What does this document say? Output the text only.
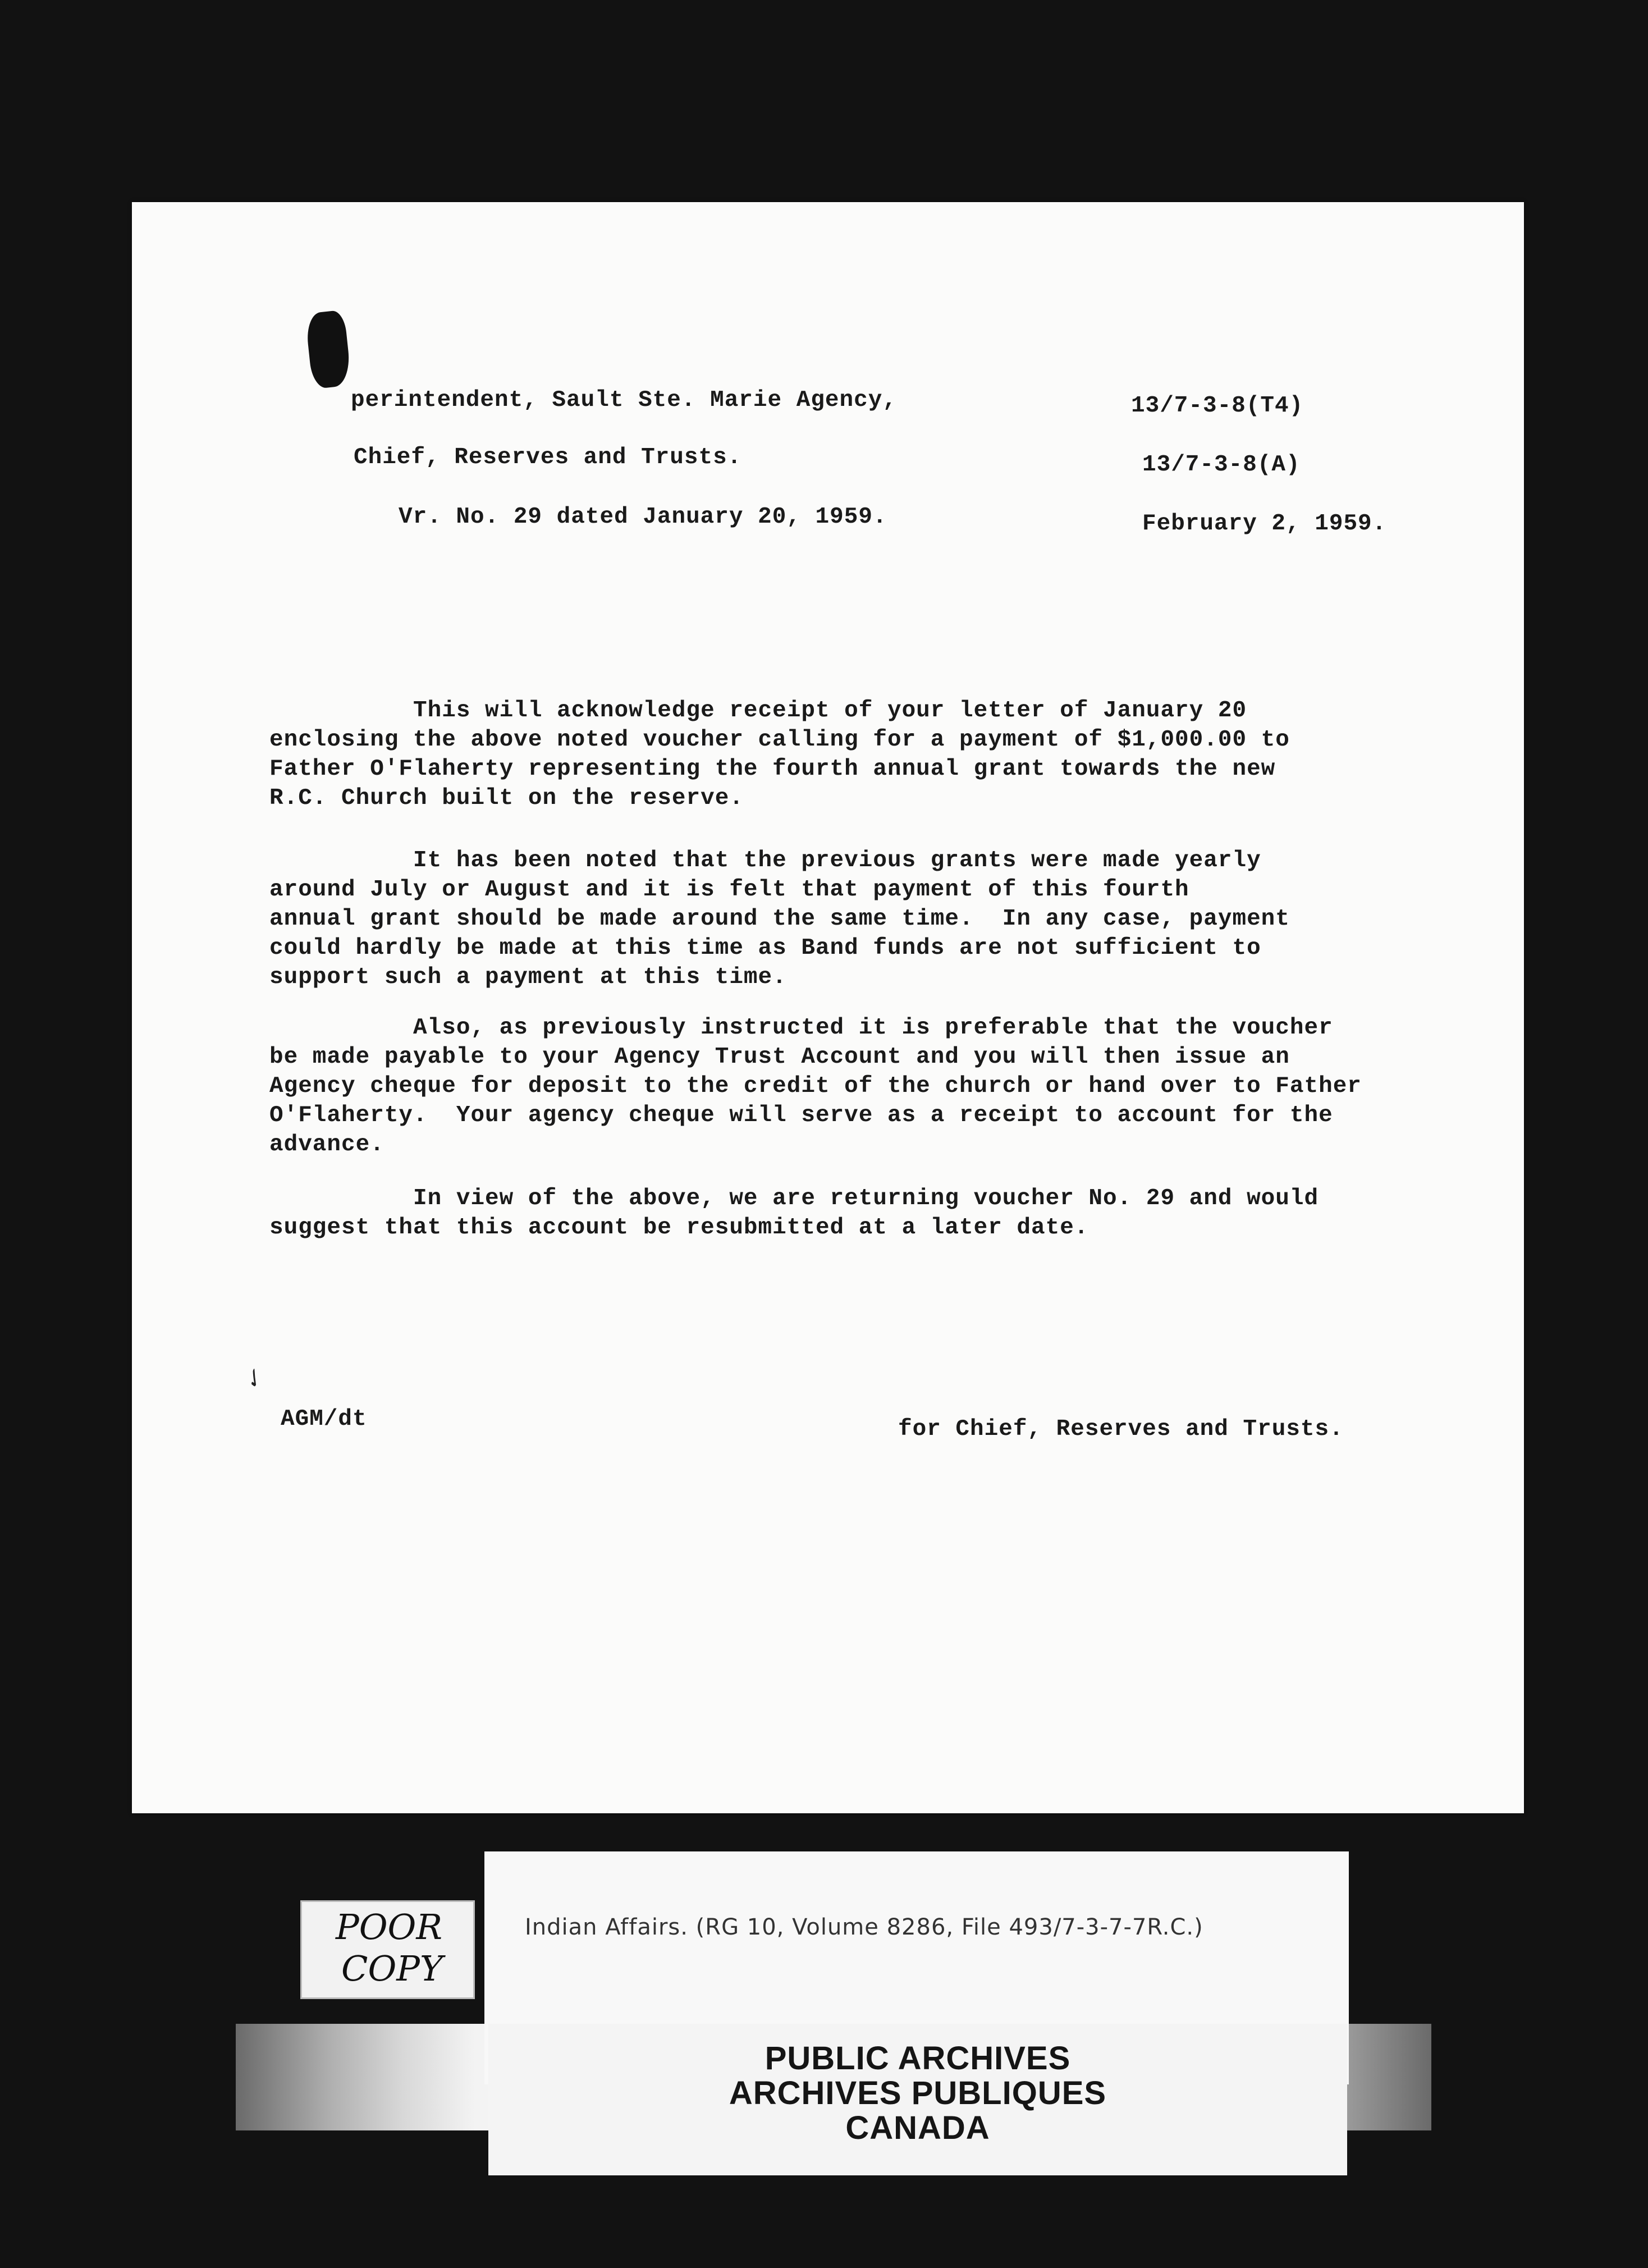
perintendent, Sault Ste. Marie Agency,
Chief, Reserves and Trusts.
Vr. No. 29 dated January 20, 1959.
13/7-3-8(T4)
13/7-3-8(A)
February 2, 1959.
This will acknowledge receipt of your letter of January 20
enclosing the above noted voucher calling for a payment of $1,000.00 to
Father O'Flaherty representing the fourth annual grant towards the new
R.C. Church built on the reserve.
It has been noted that the previous grants were made yearly
around July or August and it is felt that payment of this fourth
annual grant should be made around the same time.  In any case, payment
could hardly be made at this time as Band funds are not sufficient to
support such a payment at this time.
Also, as previously instructed it is preferable that the voucher
be made payable to your Agency Trust Account and you will then issue an
Agency cheque for deposit to the credit of the church or hand over to Father
O'Flaherty.  Your agency cheque will serve as a receipt to account for the
advance.
In view of the above, we are returning voucher No. 29 and would
suggest that this account be resubmitted at a later date.
✓
AGM/dt	for Chief, Reserves and Trusts.
POOR
COPY
Indian Affairs. (RG 10, Volume 8286, File 493/7-3-7-7R.C.)
PUBLIC ARCHIVES
ARCHIVES PUBLIQUES
CANADA
